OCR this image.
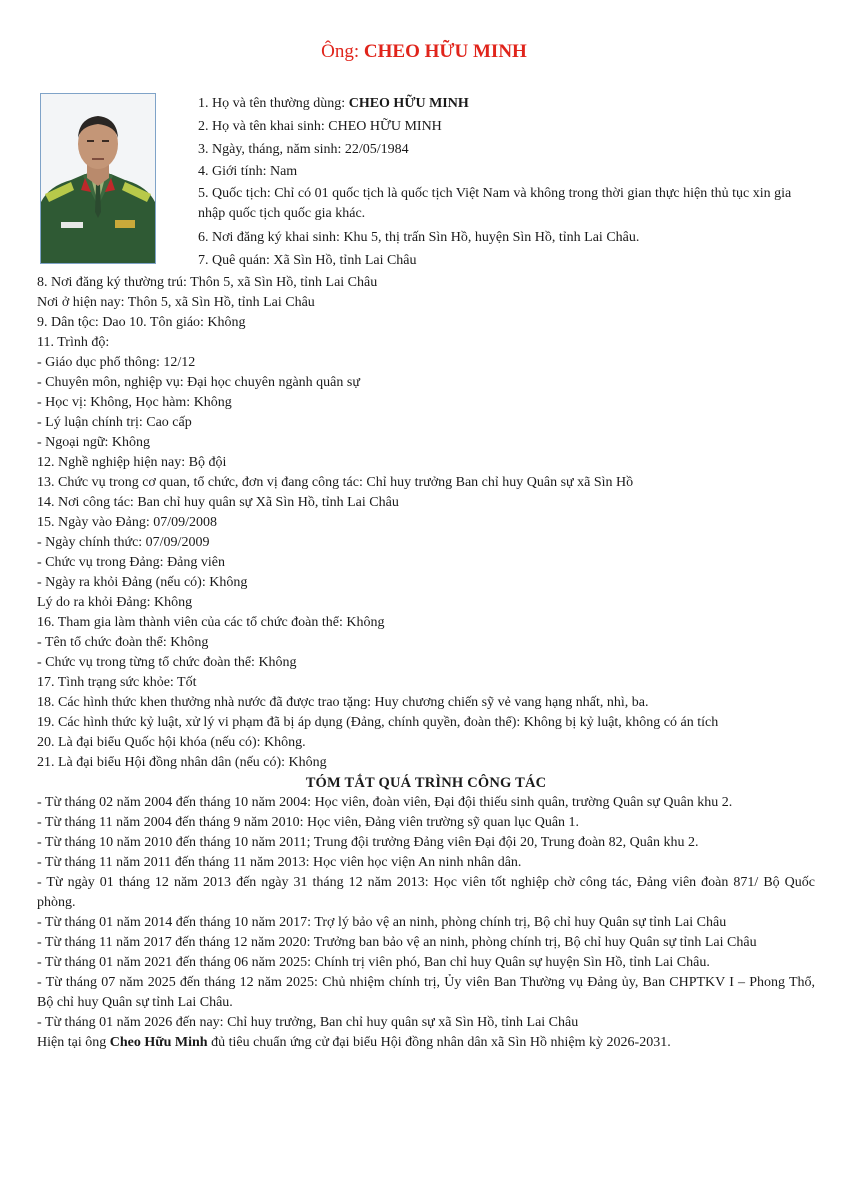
Ông: CHEO HỮU MINH
1. Họ và tên thường dùng: CHEO HỮU MINH
2. Họ và tên khai sinh: CHEO HỮU MINH
3. Ngày, tháng, năm sinh: 22/05/1984
4. Giới tính: Nam
5. Quốc tịch: Chỉ có 01 quốc tịch là quốc tịch Việt Nam và không trong thời gian thực hiện thủ tục xin gia nhập quốc tịch quốc gia khác.
6. Nơi đăng ký khai sinh: Khu 5, thị trấn Sìn Hồ, huyện Sìn Hồ, tỉnh Lai Châu.
7. Quê quán: Xã Sìn Hồ, tỉnh Lai Châu
8. Nơi đăng ký thường trú: Thôn 5, xã Sìn Hồ, tỉnh Lai Châu
Nơi ở hiện nay: Thôn 5, xã Sìn Hồ, tỉnh Lai Châu
9. Dân tộc: Dao 10. Tôn giáo: Không
11. Trình độ:
- Giáo dục phổ thông: 12/12
- Chuyên môn, nghiệp vụ: Đại học chuyên ngành quân sự
- Học vị: Không, Học hàm: Không
- Lý luận chính trị: Cao cấp
- Ngoại ngữ: Không
12. Nghề nghiệp hiện nay: Bộ đội
13. Chức vụ trong cơ quan, tổ chức, đơn vị đang công tác: Chỉ huy trưởng Ban chỉ huy Quân sự xã Sìn Hồ
14. Nơi công tác: Ban chỉ huy quân sự Xã Sìn Hồ, tỉnh Lai Châu
15. Ngày vào Đảng: 07/09/2008
- Ngày chính thức: 07/09/2009
- Chức vụ trong Đảng: Đảng viên
- Ngày ra khỏi Đảng (nếu có): Không
Lý do ra khỏi Đảng: Không
16. Tham gia làm thành viên của các tổ chức đoàn thể: Không
- Tên tổ chức đoàn thể: Không
- Chức vụ trong từng tổ chức đoàn thể: Không
17. Tình trạng sức khỏe: Tốt
18. Các hình thức khen thưởng nhà nước đã được trao tặng: Huy chương chiến sỹ vẻ vang hạng nhất, nhì, ba.
19. Các hình thức kỷ luật, xử lý vi phạm đã bị áp dụng (Đảng, chính quyền, đoàn thể): Không bị kỷ luật, không có án tích
20. Là đại biểu Quốc hội khóa (nếu có): Không.
21. Là đại biểu Hội đồng nhân dân (nếu có): Không
TÓM TẮT QUÁ TRÌNH CÔNG TÁC
- Từ tháng 02 năm 2004 đến tháng 10 năm 2004: Học viên, đoàn viên, Đại đội thiếu sinh quân, trường Quân sự Quân khu 2.
- Từ tháng 11 năm 2004 đến tháng 9 năm 2010: Học viên, Đảng viên trường sỹ quan lục Quân 1.
- Từ tháng 10 năm 2010 đến tháng 10 năm 2011; Trung đội trưởng Đảng viên Đại đội 20, Trung đoàn 82, Quân khu 2.
- Từ tháng 11 năm 2011 đến tháng 11 năm 2013: Học viên học viện An ninh nhân dân.
- Từ ngày 01 tháng 12 năm 2013 đến ngày 31 tháng 12 năm 2013: Học viên tốt nghiệp chờ công tác, Đảng viên đoàn 871/ Bộ Quốc phòng.
- Từ tháng 01 năm 2014 đến tháng 10 năm 2017: Trợ lý bảo vệ an ninh, phòng chính trị, Bộ chỉ huy Quân sự tỉnh Lai Châu
- Từ tháng 11 năm 2017 đến tháng 12 năm 2020: Trưởng ban bảo vệ an ninh, phòng chính trị, Bộ chỉ huy Quân sự tỉnh Lai Châu
- Từ tháng 01 năm 2021 đến tháng 06 năm 2025: Chính trị viên phó, Ban chỉ huy Quân sự huyện Sìn Hồ, tỉnh Lai Châu.
- Từ tháng 07 năm 2025 đến tháng 12 năm 2025: Chủ nhiệm chính trị, Ủy viên Ban Thường vụ Đảng ủy, Ban CHPTKV I – Phong Thổ, Bộ chỉ huy Quân sự tỉnh Lai Châu.
- Từ tháng 01 năm 2026 đến nay: Chỉ huy trưởng, Ban chỉ huy quân sự xã Sìn Hồ, tỉnh Lai Châu
Hiện tại ông Cheo Hữu Minh đủ tiêu chuẩn ứng cử đại biểu Hội đồng nhân dân xã Sìn Hồ nhiệm kỳ 2026-2031.
